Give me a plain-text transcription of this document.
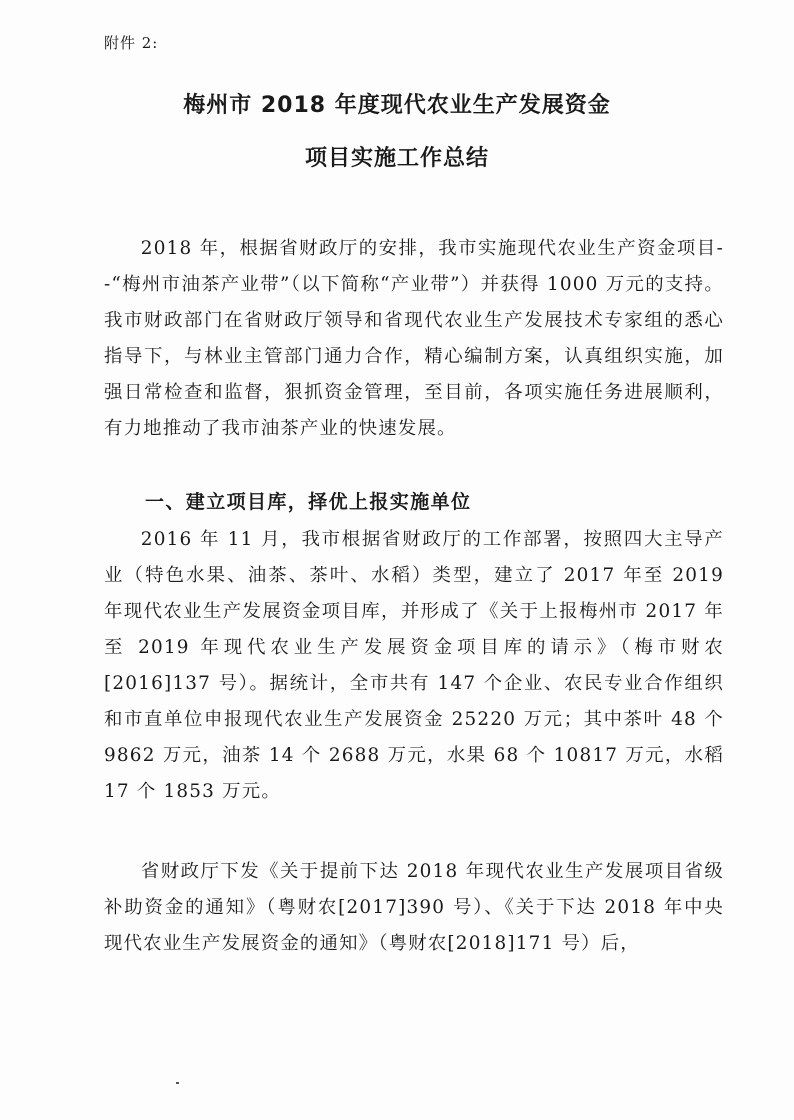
附件 2:
梅州市 2018 年度现代农业生产发展资金
项目实施工作总结
2018 年，根据省财政厅的安排，我市实施现代农业生产资金项目--“梅州市油茶产业带”（以下简称“产业带”）并获得 1000 万元的支持。我市财政部门在省财政厅领导和省现代农业生产发展技术专家组的悉心指导下，与林业主管部门通力合作，精心编制方案，认真组织实施，加强日常检查和监督，狠抓资金管理，至目前，各项实施任务进展顺利，有力地推动了我市油茶产业的快速发展。
一、建立项目库，择优上报实施单位
2016 年 11 月，我市根据省财政厅的工作部署，按照四大主导产业（特色水果、油茶、茶叶、水稻）类型，建立了 2017 年至 2019 年现代农业生产发展资金项目库，并形成了《关于上报梅州市 2017 年至 2019 年现代农业生产发展资金项目库的请示》（梅市财农[2016]137 号）。据统计，全市共有 147 个企业、农民专业合作组织和市直单位申报现代农业生产发展资金 25220 万元；其中茶叶 48 个 9862 万元，油茶 14 个 2688 万元，水果 68 个 10817 万元，水稻 17 个 1853 万元。
省财政厅下发《关于提前下达 2018 年现代农业生产发展项目省级补助资金的通知》（粤财农[2017]390 号）、《关于下达 2018 年中央现代农业生产发展资金的通知》（粤财农[2018]171 号）后，
